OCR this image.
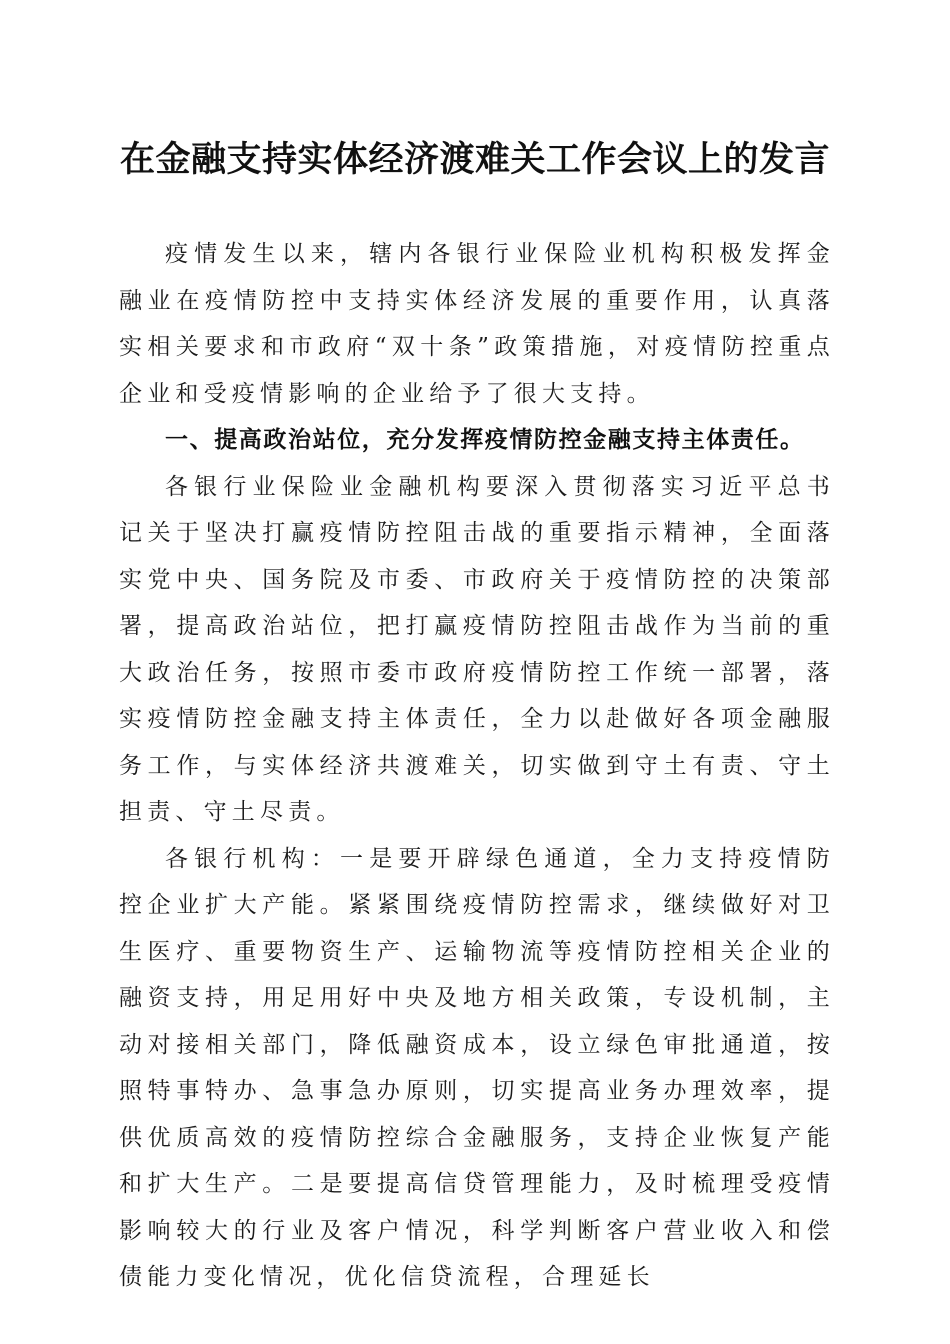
在金融支持实体经济渡难关工作会议上的发言

疫情发生以来，辖内各银行业保险业机构积极发挥金融业在疫情防控中支持实体经济发展的重要作用，认真落实相关要求和市政府“双十条”政策措施，对疫情防控重点企业和受疫情影响的企业给予了很大支持。

一、提高政治站位，充分发挥疫情防控金融支持主体责任。

各银行业保险业金融机构要深入贯彻落实习近平总书记关于坚决打赢疫情防控阻击战的重要指示精神，全面落实党中央、国务院及市委、市政府关于疫情防控的决策部署，提高政治站位，把打赢疫情防控阻击战作为当前的重大政治任务，按照市委市政府疫情防控工作统一部署，落实疫情防控金融支持主体责任，全力以赴做好各项金融服务工作，与实体经济共渡难关，切实做到守土有责、守土担责、守土尽责。

各银行机构：一是要开辟绿色通道，全力支持疫情防控企业扩大产能。紧紧围绕疫情防控需求，继续做好对卫生医疗、重要物资生产、运输物流等疫情防控相关企业的融资支持，用足用好中央及地方相关政策，专设机制，主动对接相关部门，降低融资成本，设立绿色审批通道，按照特事特办、急事急办原则，切实提高业务办理效率，提供优质高效的疫情防控综合金融服务，支持企业恢复产能和扩大生产。二是要提高信贷管理能力，及时梳理受疫情影响较大的行业及客户情况，科学判断客户营业收入和偿债能力变化情况，优化信贷流程，合理延长
